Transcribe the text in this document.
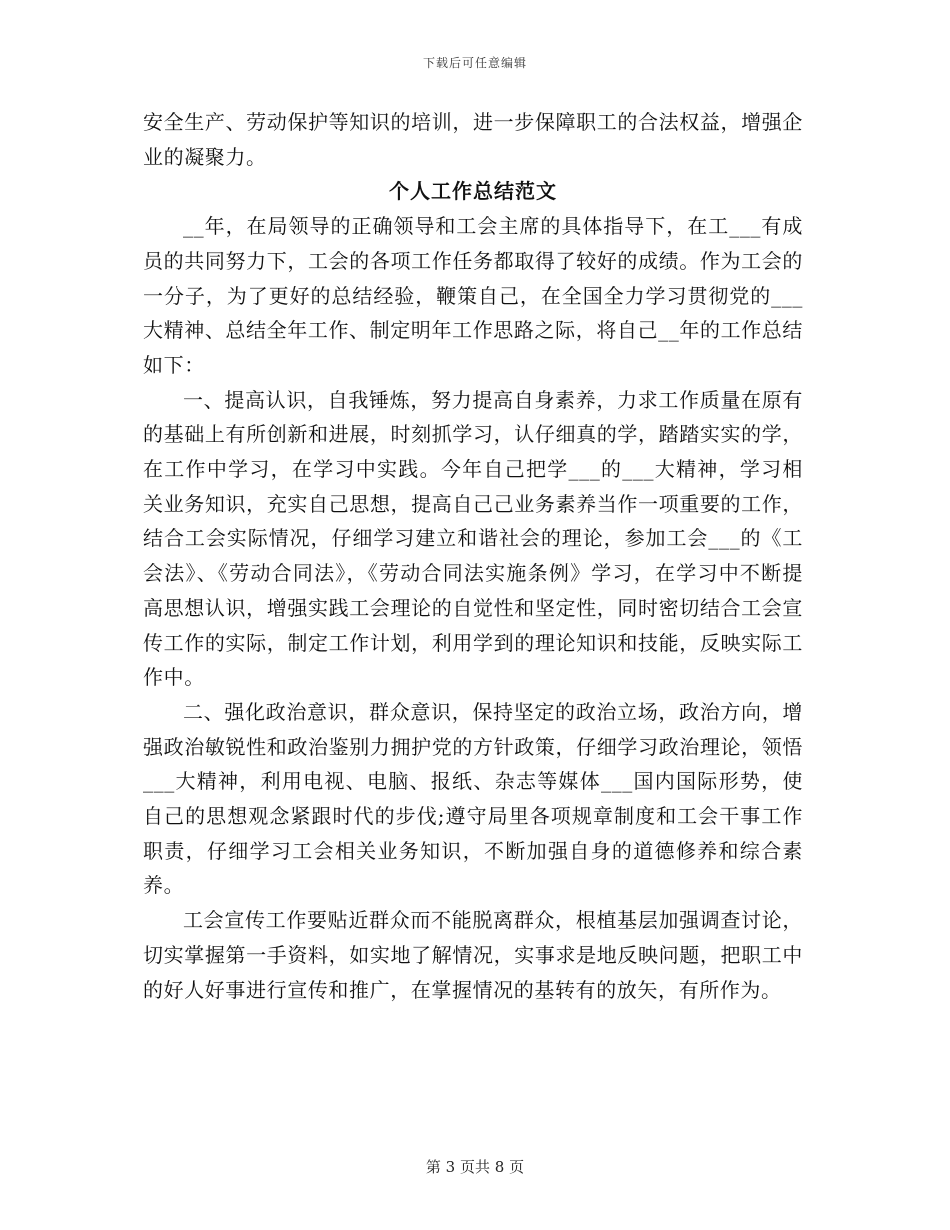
下载后可任意编辑

安全生产、劳动保护等知识的培训，进一步保障职工的合法权益，增强企业的凝聚力。

个人工作总结范文

__年，在局领导的正确领导和工会主席的具体指导下，在工___有成员的共同努力下，工会的各项工作任务都取得了较好的成绩。作为工会的一分子，为了更好的总结经验，鞭策自己，在全国全力学习贯彻党的___大精神、总结全年工作、制定明年工作思路之际，将自己__年的工作总结如下：

一、提高认识，自我锤炼，努力提高自身素养，力求工作质量在原有的基础上有所创新和进展，时刻抓学习，认仔细真的学，踏踏实实的学，在工作中学习，在学习中实践。今年自己把学___的___大精神，学习相关业务知识，充实自己思想，提高自己己业务素养当作一项重要的工作，结合工会实际情况，仔细学习建立和谐社会的理论，参加工会___的《工会法》、《劳动合同法》，《劳动合同法实施条例》学习，在学习中不断提高思想认识，增强实践工会理论的自觉性和坚定性，同时密切结合工会宣传工作的实际，制定工作计划，利用学到的理论知识和技能，反映实际工作中。

二、强化政治意识，群众意识，保持坚定的政治立场，政治方向，增强政治敏锐性和政治鉴别力拥护党的方针政策，仔细学习政治理论，领悟___大精神，利用电视、电脑、报纸、杂志等媒体___国内国际形势，使自己的思想观念紧跟时代的步伐;遵守局里各项规章制度和工会干事工作职责，仔细学习工会相关业务知识，不断加强自身的道德修养和综合素养。

工会宣传工作要贴近群众而不能脱离群众，根植基层加强调查讨论，切实掌握第一手资料，如实地了解情况，实事求是地反映问题，把职工中的好人好事进行宣传和推广，在掌握情况的基转有的放矢，有所作为。

第 3 页共 8 页
